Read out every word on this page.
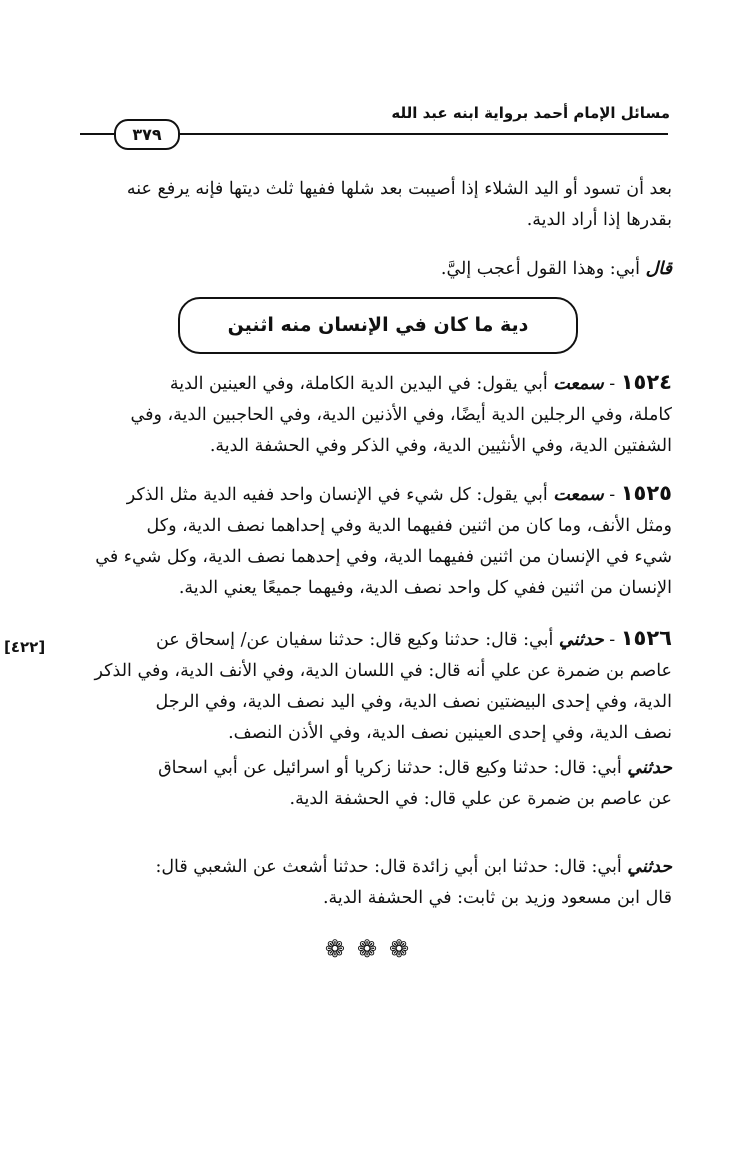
مسائل الإمام أحمد برواية ابنه عبد الله
٣٧٩
بعد أن تسود أو اليد الشلاء إذا أصيبت بعد شلها ففيها ثلث ديتها فإنه يرفع عنه
بقدرها إذا أراد الدية.
قال أبي: وهذا القول أعجب إليَّ.
دية ما كان في الإنسان منه اثنين
١٥٢٤ - سمعت أبي يقول: في اليدين الدية الكاملة، وفي العينين الدية
كاملة، وفي الرجلين الدية أيضًا، وفي الأذنين الدية، وفي الحاجبين الدية، وفي
الشفتين الدية، وفي الأنثيين الدية، وفي الذكر وفي الحشفة الدية.
١٥٢٥ - سمعت أبي يقول: كل شيء في الإنسان واحد ففيه الدية مثل الذكر
ومثل الأنف، وما كان من اثنين ففيهما الدية وفي إحداهما نصف الدية، وكل
شيء في الإنسان من اثنين ففيهما الدية، وفي إحدهما نصف الدية، وكل شيء في
الإنسان من اثنين ففي كل واحد نصف الدية، وفيهما جميعًا يعني الدية.
[٤٢٢]	١٥٢٦ - حدثني أبي: قال: حدثنا وكيع قال: حدثنا سفيان عن/ إسحاق عن
عاصم بن ضمرة عن علي أنه قال: في اللسان الدية، وفي الأنف الدية، وفي الذكر
الدية، وفي إحدى البيضتين نصف الدية، وفي اليد نصف الدية، وفي الرجل
نصف الدية، وفي إحدى العينين نصف الدية، وفي الأذن النصف.
حدثني أبي: قال: حدثنا وكيع قال: حدثنا زكريا أو اسرائيل عن أبي اسحاق
عن عاصم بن ضمرة عن علي قال: في الحشفة الدية.
حدثني أبي: قال: حدثنا ابن أبي زائدة قال: حدثنا أشعث عن الشعبي قال:
قال ابن مسعود وزيد بن ثابت: في الحشفة الدية.
❁❁❁
